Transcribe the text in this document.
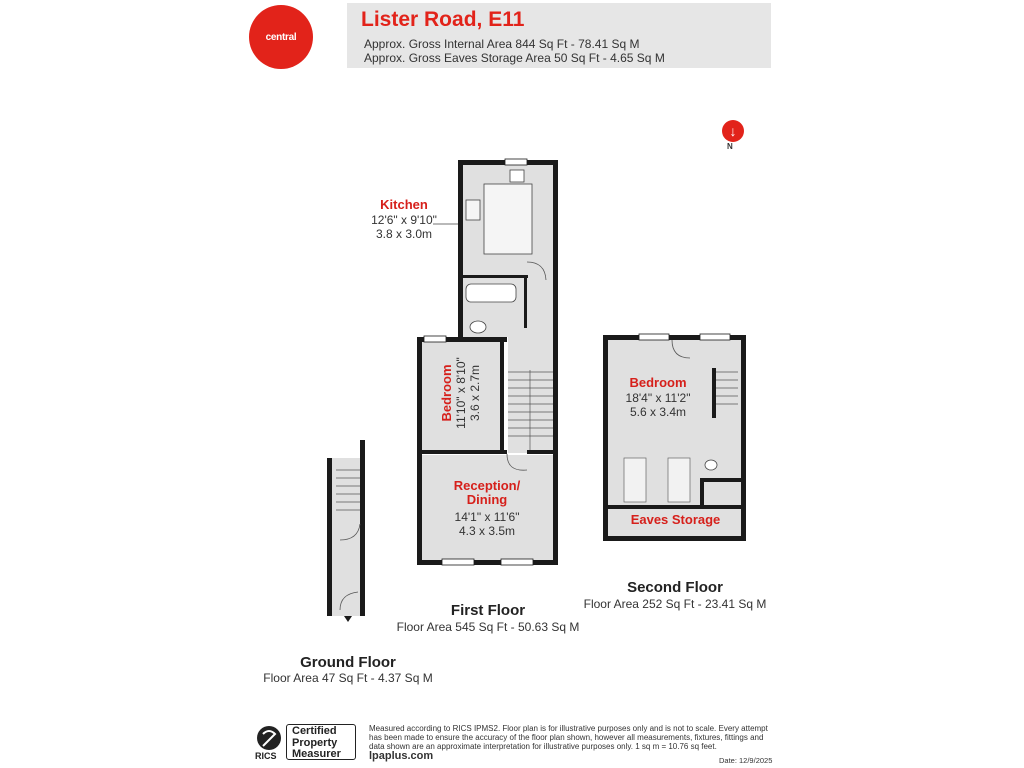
central
Lister Road, E11
Approx. Gross Internal Area 844 Sq Ft - 78.41 Sq M
Approx. Gross Eaves Storage Area 50 Sq Ft - 4.65 Sq M
↓
N
Kitchen
12'6" x 9'10"
3.8 x 3.0m
Bedroom 11'10" x 8'10" 3.6 x 2.7m
Reception/
Dining
14'1" x 11'6"
4.3 x 3.5m
Bedroom
18'4" x 11'2"
5.6 x 3.4m
Eaves Storage
Second Floor
Floor Area 252 Sq Ft - 23.41 Sq M
First Floor
Floor Area 545 Sq Ft - 50.63 Sq M
Ground Floor
Floor Area 47 Sq Ft - 4.37 Sq M
RICS
Certified
Property
Measurer
Measured according to RICS IPMS2. Floor plan is for illustrative purposes only and is not to scale. Every attempt has been made to ensure the accuracy of the floor plan shown, however all measurements, fixtures, fittings and data shown are an approximate interpretation for illustrative purposes only. 1 sq m = 10.76 sq feet.
lpaplus.com	Date: 12/9/2025
